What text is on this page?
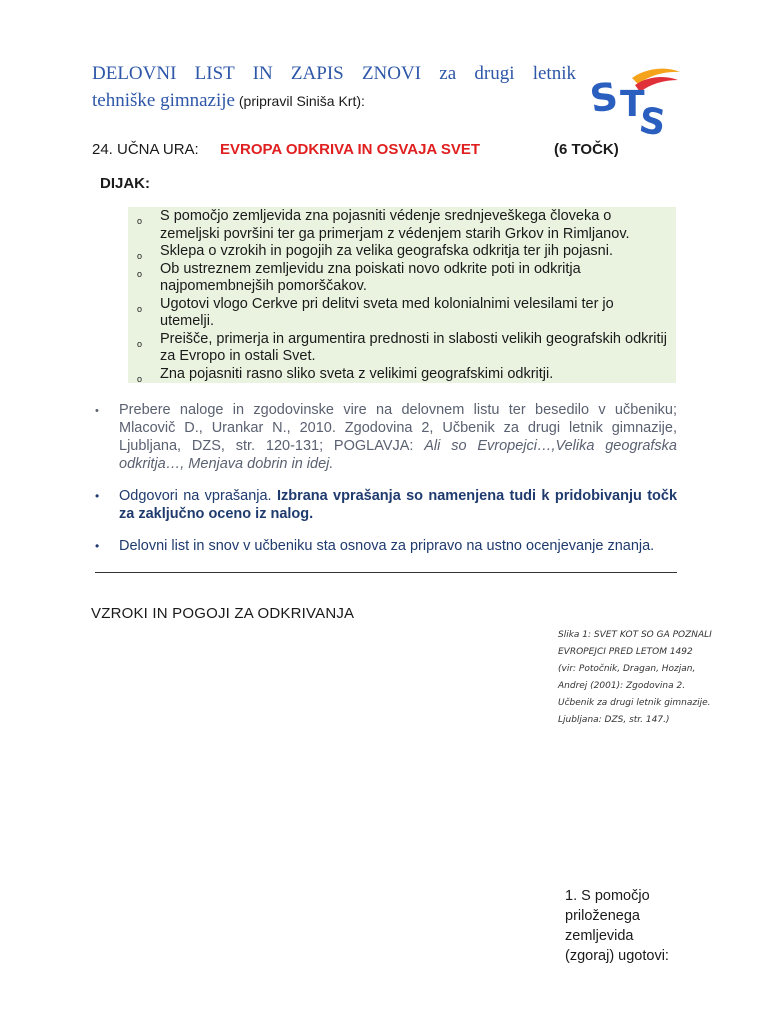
DELOVNI LIST IN ZAPIS ZNOVI za drugi letnik
tehniške gimnazije (pripravil Siniša Krt):	S T
S
24. UČNA URA: EVROPA ODKRIVA IN OSVAJA SVET	(6 TOČK)
DIJAK:
o S pomočjo zemljevida zna pojasniti védenje srednjeveškega človeka o zemeljski površini ter ga primerjam z védenjem starih Grkov in Rimljanov.
o Sklepa o vzrokih in pogojih za velika geografska odkritja ter jih pojasni.
o Ob ustreznem zemljevidu zna poiskati novo odkrite poti in odkritja najpomembnejših pomorščakov.
o Ugotovi vlogo Cerkve pri delitvi sveta med kolonialnimi velesilami ter jo utemelji.
o Preišče, primerja in argumentira prednosti in slabosti velikih geografskih odkritij za Evropo in ostali Svet.
o Zna pojasniti rasno sliko sveta z velikimi geografskimi odkritji.
• Prebere naloge in zgodovinske vire na delovnem listu ter besedilo v učbeniku; Mlacovič D., Urankar N., 2010. Zgodovina 2, Učbenik za drugi letnik gimnazije, Ljubljana, DZS, str. 120-131; POGLAVJA: Ali so Evropejci…,Velika geografska odkritja…, Menjava dobrin in idej.
• Odgovori na vprašanja. Izbrana vprašanja so namenjena tudi k pridobivanju točk za zaključno oceno iz nalog.
• Delovni list in snov v učbeniku sta osnova za pripravo na ustno ocenjevanje znanja.
VZROKI IN POGOJI ZA ODKRIVANJA
Slika 1: SVET KOT SO GA POZNALI
EVROPEJCI PRED LETOM 1492
(vir: Potočnik, Dragan, Hozjan,
Andrej (2001): Zgodovina 2.
Učbenik za drugi letnik gimnazije.
Ljubljana: DZS, str. 147.)
1. S pomočjo
priloženega
zemljevida
(zgoraj) ugotovi:
